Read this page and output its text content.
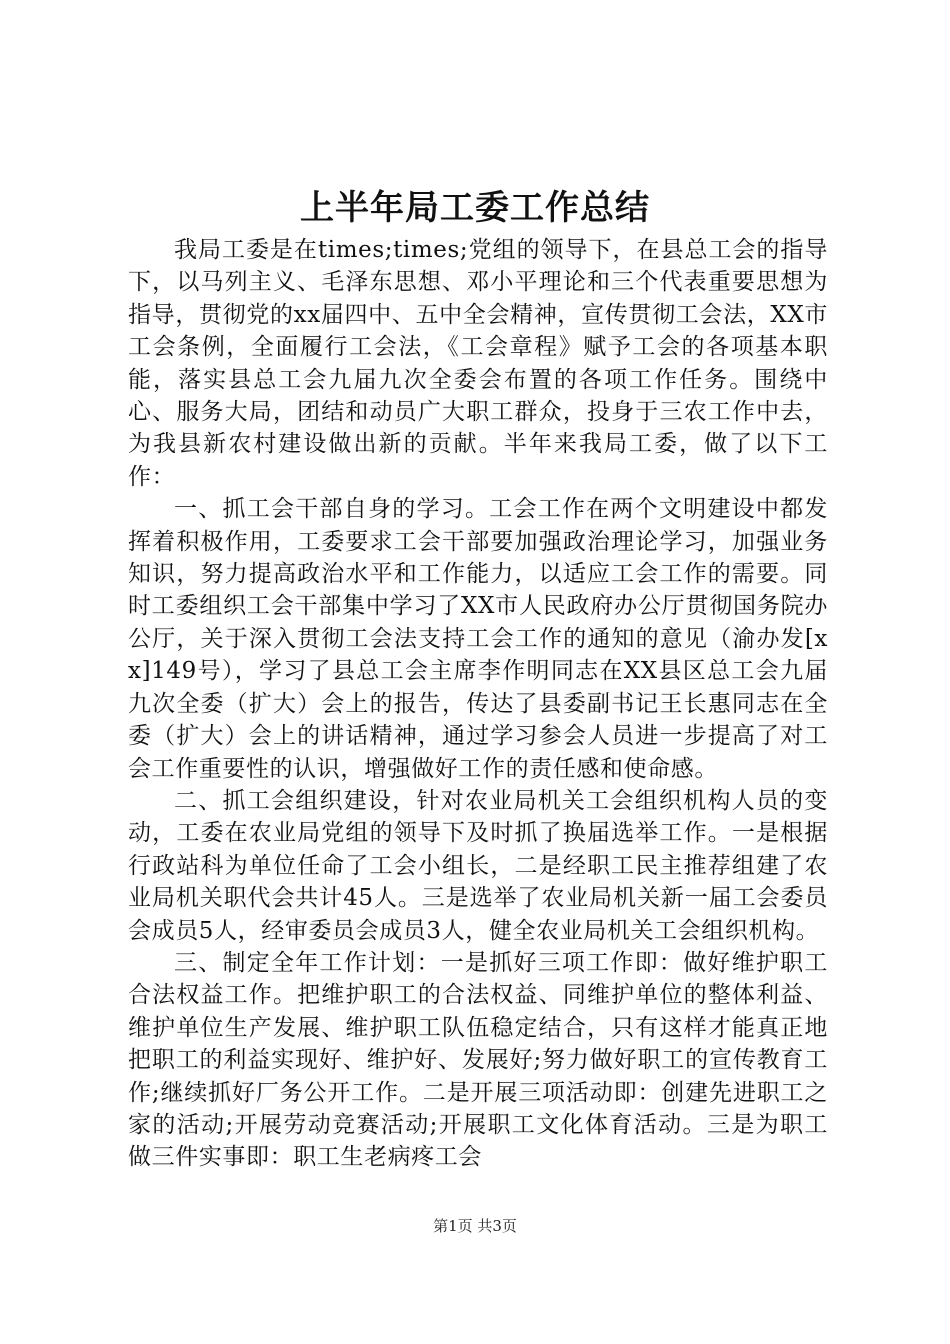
上半年局工委工作总结

我局工委是在times;times;党组的领导下，在县总工会的指导下，以马列主义、毛泽东思想、邓小平理论和三个代表重要思想为指导，贯彻党的xx届四中、五中全会精神，宣传贯彻工会法，XX市工会条例，全面履行工会法，《工会章程》赋予工会的各项基本职能，落实县总工会九届九次全委会布置的各项工作任务。围绕中心、服务大局，团结和动员广大职工群众，投身于三农工作中去，为我县新农村建设做出新的贡献。半年来我局工委，做了以下工作：

一、抓工会干部自身的学习。工会工作在两个文明建设中都发挥着积极作用，工委要求工会干部要加强政治理论学习，加强业务知识，努力提高政治水平和工作能力，以适应工会工作的需要。同时工委组织工会干部集中学习了XX市人民政府办公厅贯彻国务院办公厅，关于深入贯彻工会法支持工会工作的通知的意见（渝办发[xx]149号），学习了县总工会主席李作明同志在XX县区总工会九届九次全委（扩大）会上的报告，传达了县委副书记王长惠同志在全委（扩大）会上的讲话精神，通过学习参会人员进一步提高了对工会工作重要性的认识，增强做好工作的责任感和使命感。

二、抓工会组织建设，针对农业局机关工会组织机构人员的变动，工委在农业局党组的领导下及时抓了换届选举工作。一是根据行政站科为单位任命了工会小组长，二是经职工民主推荐组建了农业局机关职代会共计45人。三是选举了农业局机关新一届工会委员会成员5人，经审委员会成员3人，健全农业局机关工会组织机构。

三、制定全年工作计划：一是抓好三项工作即：做好维护职工合法权益工作。把维护职工的合法权益、同维护单位的整体利益、维护单位生产发展、维护职工队伍稳定结合，只有这样才能真正地把职工的利益实现好、维护好、发展好;努力做好职工的宣传教育工作;继续抓好厂务公开工作。二是开展三项活动即：创建先进职工之家的活动;开展劳动竞赛活动;开展职工文化体育活动。三是为职工做三件实事即：职工生老病疼工会

第1页 共3页
